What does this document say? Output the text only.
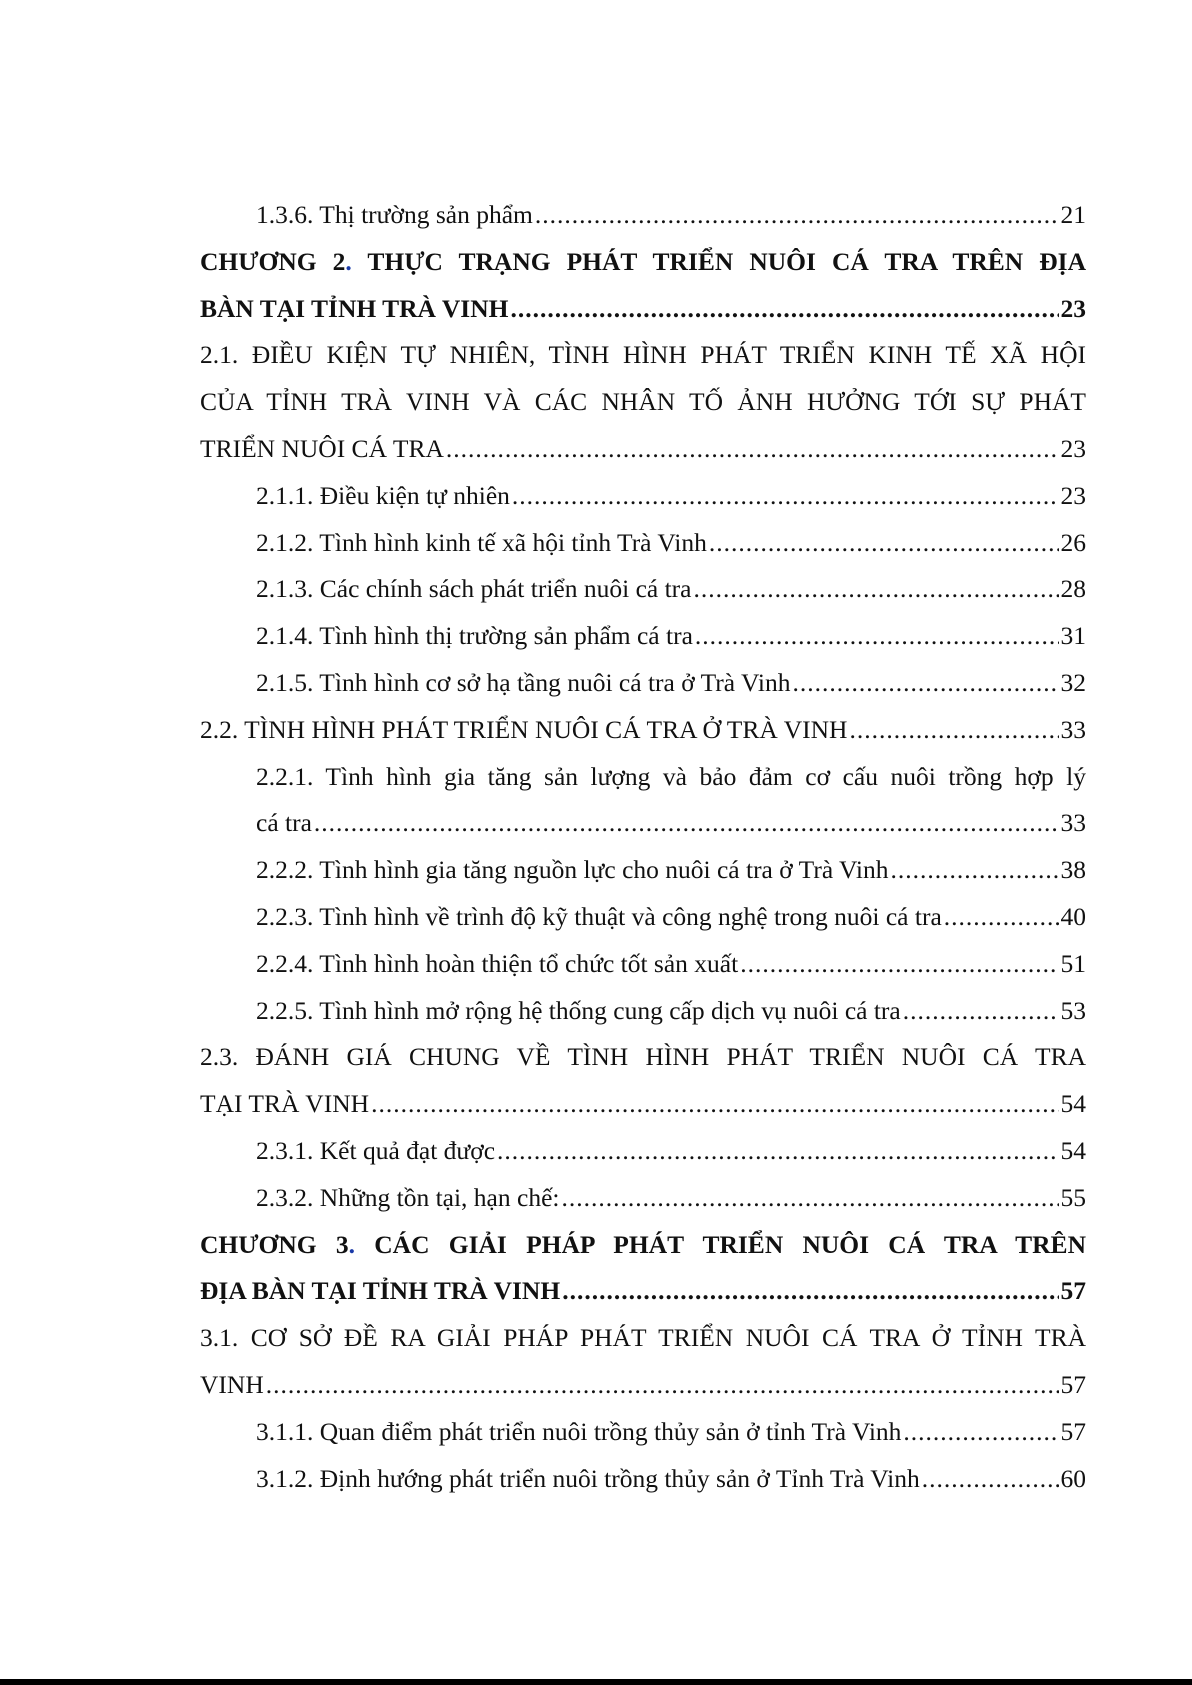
1.3.6. Thị trường sản phẩm .....	21
CHƯƠNG 2. THỰC TRẠNG PHÁT TRIỂN NUÔI CÁ TRA TRÊN ĐỊA
BÀN TẠI TỈNH TRÀ VINH .....	23
2.1. ĐIỀU KIỆN TỰ NHIÊN, TÌNH HÌNH PHÁT TRIỂN KINH TẾ XÃ HỘI
CỦA TỈNH TRÀ VINH VÀ CÁC NHÂN TỐ ẢNH HƯỞNG TỚI SỰ PHÁT
TRIỂN NUÔI CÁ TRA .....	23
2.1.1. Điều kiện tự nhiên .....	23
2.1.2. Tình hình kinh tế xã hội tỉnh Trà Vinh .....	26
2.1.3. Các chính sách phát triển nuôi cá tra .....	28
2.1.4. Tình hình thị trường sản phẩm cá tra .....	31
2.1.5. Tình hình cơ sở hạ tầng nuôi cá tra ở Trà Vinh .....	32
2.2. TÌNH HÌNH PHÁT TRIỂN NUÔI CÁ TRA Ở TRÀ VINH .....	33
2.2.1. Tình hình gia tăng sản lượng và bảo đảm cơ cấu nuôi trồng hợp lý
cá tra .....	33
2.2.2. Tình hình gia tăng nguồn lực cho nuôi cá tra ở Trà Vinh .....	38
2.2.3. Tình hình về trình độ kỹ thuật và công nghệ trong nuôi cá tra .....	40
2.2.4. Tình hình hoàn thiện tổ chức tốt sản xuất .....	51
2.2.5. Tình hình mở rộng hệ thống cung cấp dịch vụ nuôi cá tra .....	53
2.3. ĐÁNH GIÁ CHUNG VỀ TÌNH HÌNH PHÁT TRIỂN NUÔI CÁ TRA
TẠI TRÀ VINH .....	54
2.3.1. Kết quả đạt được .....	54
2.3.2. Những tồn tại, hạn chế: .....	55
CHƯƠNG 3. CÁC GIẢI PHÁP PHÁT TRIỂN NUÔI CÁ TRA TRÊN
ĐỊA BÀN TẠI TỈNH TRÀ VINH .....	57
3.1. CƠ SỞ ĐỀ RA GIẢI PHÁP PHÁT TRIỂN NUÔI CÁ TRA Ở TỈNH TRÀ
VINH .....	57
3.1.1. Quan điểm phát triển nuôi trồng thủy sản ở tỉnh Trà Vinh .....	57
3.1.2. Định hướng phát triển nuôi trồng thủy sản ở Tỉnh Trà Vinh .....	60
